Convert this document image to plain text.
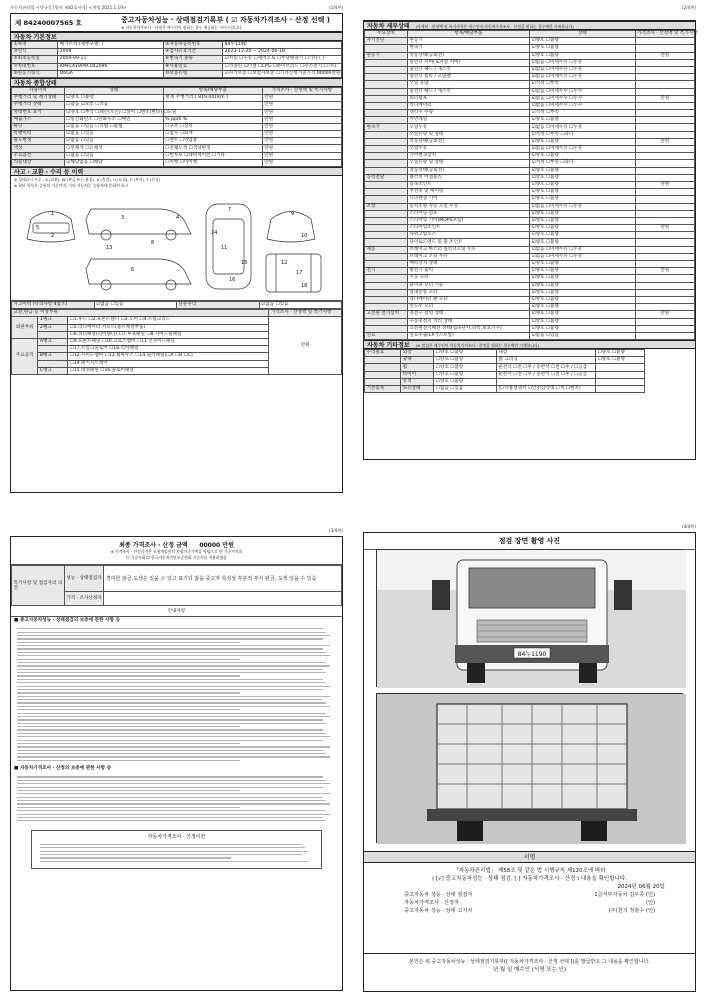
자동차관리법 시행규칙 [별지 제82호서식] <개정 2021.1.19>	(1/4쪽)
제 84240007565 호	중고자동차성능 · 상태점검기록부 ( ☑ 자동차가격조사 · 산정 선택 )
※ 자동차가격조사 · 산정은 매수인이 원하는 경우 제공하는 서비스입니다.
자동차 기본정보
①차명	메가트럭 (세부모델: )	②자동차등록번호	84누1190
③연식	2009	④검사유효기간	2023-12-20 ~ 2024-06-19
⑤최초등록일	2009-09-11	⑥변속기 종류	☑자동 ☐수동 ☐세미오토 ☐무단변속기 ☐기타 ( )
⑦차대번호	KMFLA18P9C042096	⑧사용연료	☐가솔린 ☑디젤 ☐LPG ☐하이브리드 ☐수소전기 ☐기타
⑨원동기형식	D6GA	⑩보증유형	☑자가보증 ☐보험사보증 ☐가격산정기준가격 00000만원
자동차 종합상태
사용이력	상태	항목/해당부품	가격조사 · 산정액 및 특기사항
주행거리 및 계기상태	☑양호 ☐불량	현재 주행거리 [ 819,041Km ]	만원
주행거리 상태	☐많음 ☑보통 ☐적음		만원
차대번호 표기	☑양호 ☐부식 ☐훼손(오손) ☐상이 ☐변조(변타) ☐도말		만원
배출가스	☐일산화탄소 ☐탄화수소 ☐매연	% ppm %	만원
튜닝	☑없음 ☐있음 ☐적법 ☐불법	☐구조 ☐장치	만원
특별이력	☑없음 ☐있음	☐침수 ☐화재	만원
용도변경	☑없음 ☐있음	☐렌트 ☐영업용	만원
색상	☐무채색 ☐유채색	☐전체도색 ☐색상변경	만원
주요옵션	☐없음 ☐있음	☐썬루프 ☐네비게이션 ☐기타	만원
리콜대상	☑해당없음 ☐해당	☐이행 ☐미이행	만원
사고 · 교환 · 수리 등 이력
※ 상태표시 부호 : X (교환), W (판금 또는 용접), A (흠집), U (요철), C (부식), T (손상)
※ 하단 항목은 승용차 기준이며, 기타 자동차는 승용차에 준하여 표시
1
2
3	4
5
6
7
8
9
10
11
12
13
14
15
16
17
18
사고이력 (유의사항 4참조)	☑없음 ☐있음	단순수리	☑없음 ☐있음
교환,판금 등 이상부위			가격조사 · 산정액 및 특기사항
외판부위	1랭크	☐1.후드 ☐2.프론트휀더 ☐3.도어 ☐4.트렁크리드	만원
	2랭크	☐5.라디에이터 서포트(볼트체결부품)	
		☐6.쿼터패널(리어휀더) ☐7.루프패널 ☐8.사이드실패널	
주요골격	A랭크	☐9.프론트패널 ☐10.크로스멤버 ☐11.인사이드패널	
		☐17.트렁크플로어 ☐18.리어패널	
	B랭크	☐12.사이드멤버 ☐13.휠하우스 ☐14.필러패널(☐A ☐B ☐C)	
		☐19.패키지트레이	
	C랭크	☐15.대쉬패널 ☐16.플로어패널	
(2/4쪽)
자동차 세부상태 (자세히 · 산정액 및 특기사항은 매수인이 자동차가격조사 · 산정을 원하는 경우에만 기재합니다)
주요장치	항목/해당부품	상태	가격조사 · 산정액 및 특기사항
자기진단	원동기	☑양호 ☐불량	
	변속기	☑양호 ☐불량	
원동기	작동상태(공회전)	☑양호 ☐불량	만원
	실린더 커버(로커암 커버)	☑없음 ☐미세누유 ☐누유	
	실린더 헤드 / 개스킷	☑없음 ☐미세누유 ☐누유	
	실린더 블록 / 오일팬	☑없음 ☐미세누유 ☐누유	
	오일 유량	☑적정 ☐부족	
	실린더 헤드 / 개스킷	☑없음 ☐미세누수 ☐누수	
	워터펌프	☑없음 ☐미세누수 ☐누수	만원
	라디에이터	☑없음 ☐미세누수 ☐누수	
	냉각수 수량	☑적정 ☐부족	
	커먼레일	☑양호 ☐불량	
변속기	오일누유	☑없음 ☐미세누유 ☐누유	
	오일유량 및 상태	☑적정 ☐부족 ☐과다	
	작동상태(공회전)	☑양호 ☐불량	만원
	오일누유	☑없음 ☐미세누유 ☐누유	
	기어변속장치	☑양호 ☐불량	
	오일유량 및 상태	☑적정 ☐부족 ☐과다	
	작동상태(공회전)	☑양호 ☐불량	
동력전달	클러치 어셈블리	☑양호 ☐불량	
	등속조인트	☑양호 ☐불량	만원
	추진축 및 베어링	☑양호 ☐불량	
	디퍼렌셜 기어	☑양호 ☐불량	
조향	동력조향 작동 오일 누유	☑없음 ☐미세누유 ☐누유	
	스티어링 펌프	☑양호 ☐불량	
	스티어링 기어(MDPS포함)	☑양호 ☐불량	
	스티어링조인트	☑양호 ☐불량	만원
	파워고압호스	☑양호 ☐불량	
	타이로드엔드 및 볼 조인트	☑양호 ☐불량	
제동	브레이크 마스터 실린더오일 누유	☑없음 ☐미세누유 ☐누유	
	브레이크 오일 누유	☑없음 ☐미세누유 ☐누유	
	배력장치 상태	☑양호 ☐불량	
전기	발전기 출력	☑양호 ☐불량	만원
	시동 모터	☑양호 ☐불량	
	와이퍼 모터 기능	☑양호 ☐불량	
	실내송풍 모터	☑양호 ☐불량	
	라디에이터 팬 모터	☑양호 ☐불량	
	윈도우 모터	☑양호 ☐불량	
고전원 전기장치	충전구 절연 상태	☑양호 ☐불량	만원
	구동축전지 격리 상태	☑양호 ☐불량	
	고전원전기배선 상태(접속단자,피복,보호기구)	☑양호 ☐불량	
연료	연료누출(LP가스포함)	☑없음 ☐있음	
자동차 기타정보 (※ 점검은 매수인이 자동차가격조사 · 산정을 원하는 경우에만 기재합니다)
수리필요	외장	☐양호 ☐불량	내장	☐양호 ☐불량
	광택	☐양호 ☐불량	룸 크리닝	☐양호 ☐불량
	휠	☐양호 ☐불량	운전석 ☐전 ☐후 / 동반석 ☐전 ☐후 / ☐응급	
	타이어	☐양호 ☐불량	운전석 ☐전 ☐후 / 동반석 ☐전 ☐후 / ☐응급	
	유리	☐양호 ☐불량		
기본품목	보유상태	☐없음 ☐있음	(☐사용설명서 ☐안전삼각대 ☐잭 ☐렌치)	
(3/4쪽)
최종 가격조사 · 산정 금액 00000 만원
※ 가격조사 · 산정가격은 보험개발원의 차량기준가액을 바탕으로 한 기준가격과
☐ 기술사회 ☐ 한국자동차진단보증협회 기준서를 적용하였음
특기사항 및 점검자의 의견	성능 · 상태점검자	경미한 판금,도색은 있을 수 있고 표기되 않을 중고자 특성상 부분적 부식 판금, 도색 있을 수 있음
	가격 · 조사산정자	
안내사항
■ 중고자동차성능 · 상태점검의 보증에 관한 사항 등
■ 자동차가격조사 · 산정의 보증에 관한 사항 등
자동차가격조사 · 산정이란
(4/4쪽)
점검 장면 촬영 사진
84누1190
서명
「자동차관리법」 제58조 및 같은 법 시행규칙 제120조에 따라
( [√] 중고자동차성능 · 상태 점검, [ ] 자동차가격조사 · 산정 ) 내용을 확인합니다.
2024년 06월 20일
중고자동차 성능 · 상태 점검자	1급서부자동차 김우종 (인)
자동차가격조사 · 산정자	(인)
중고자동차 성능 · 상태 고지자	(주)천지 정광수 (인)
본인은 위 중고자동차성능 · 상태점검기록부([ 자동차가격조사 · 산정 선택 ])를 발급받고 그 내용을 확인합니다.
년 월 일 매수인 (서명 또는 인)
